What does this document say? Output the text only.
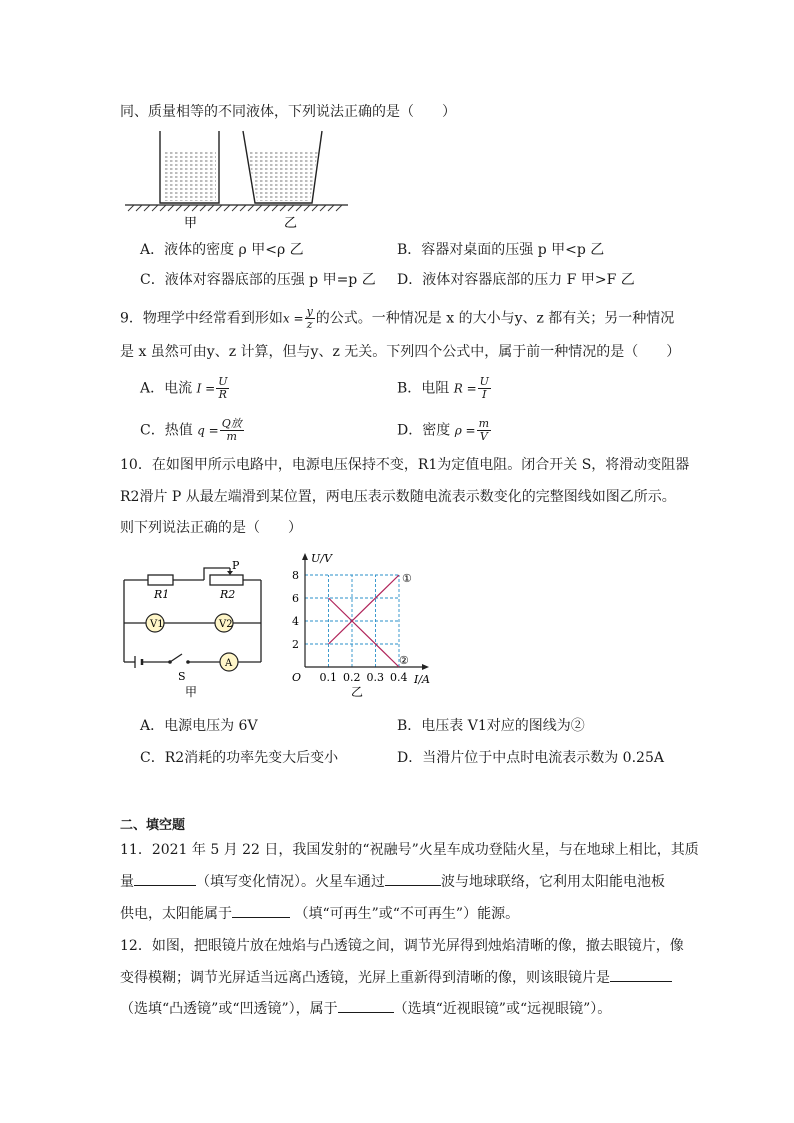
同、质量相等的不同液体，下列说法正确的是（　　）
甲	乙
A．液体的密度 ρ 甲<ρ 乙	B．容器对桌面的压强 p 甲<p 乙
C．液体对容器底部的压强 p 甲=p 乙 D．液体对容器底部的压力 F 甲>F 乙
9．物理学中经常看到形如$x = \frac{y}{z}$ 的公式。一种情况是 x 的大小与y、z 都有关；另一种情况
是 x 虽然可由y、z 计算，但与y、z 无关。下列四个公式中，属于前一种情况的是（　　）
A．电流 $I = \frac{U}{R}$	B．电阻 $R = \frac{U}{I}$
C．热值 $q = \frac{\text{Q放}}{m}$	D．密度 $\rho = \frac{m}{V}$
10．在如图甲所示电路中，电源电压保持不变，R1为定值电阻。闭合开关 S，将滑动变阻器
R2滑片 P 从最左端滑到某位置，两电压表示数随电流表示数变化的完整图线如图乙所示。
则下列说法正确的是（　　）
V1	V2
A
R1	R2
P
S
甲
2
4
6
8
0.1 0.2 0.3 0.4
U/V
I/A
O
①
②
乙
A．电源电压为 6V	B．电压表 V1对应的图线为②
C．R2消耗的功率先变大后变小	D．当滑片位于中点时电流表示数为 0.25A
二、填空题
11．2021 年 5 月 22 日，我国发射的“祝融号”火星车成功登陆火星，与在地球上相比，其质
量	（填写变化情况）。火星车通过	波与地球联络，它利用太阳能电池板
供电，太阳能属于	（填“可再生”或“不可再生”）能源。
12．如图，把眼镜片放在烛焰与凸透镜之间，调节光屏得到烛焰清晰的像，撤去眼镜片，像
变得模糊；调节光屏适当远离凸透镜，光屏上重新得到清晰的像，则该眼镜片是
（选填“凸透镜”或“凹透镜”），属于	（选填“近视眼镜”或“远视眼镜”）。
